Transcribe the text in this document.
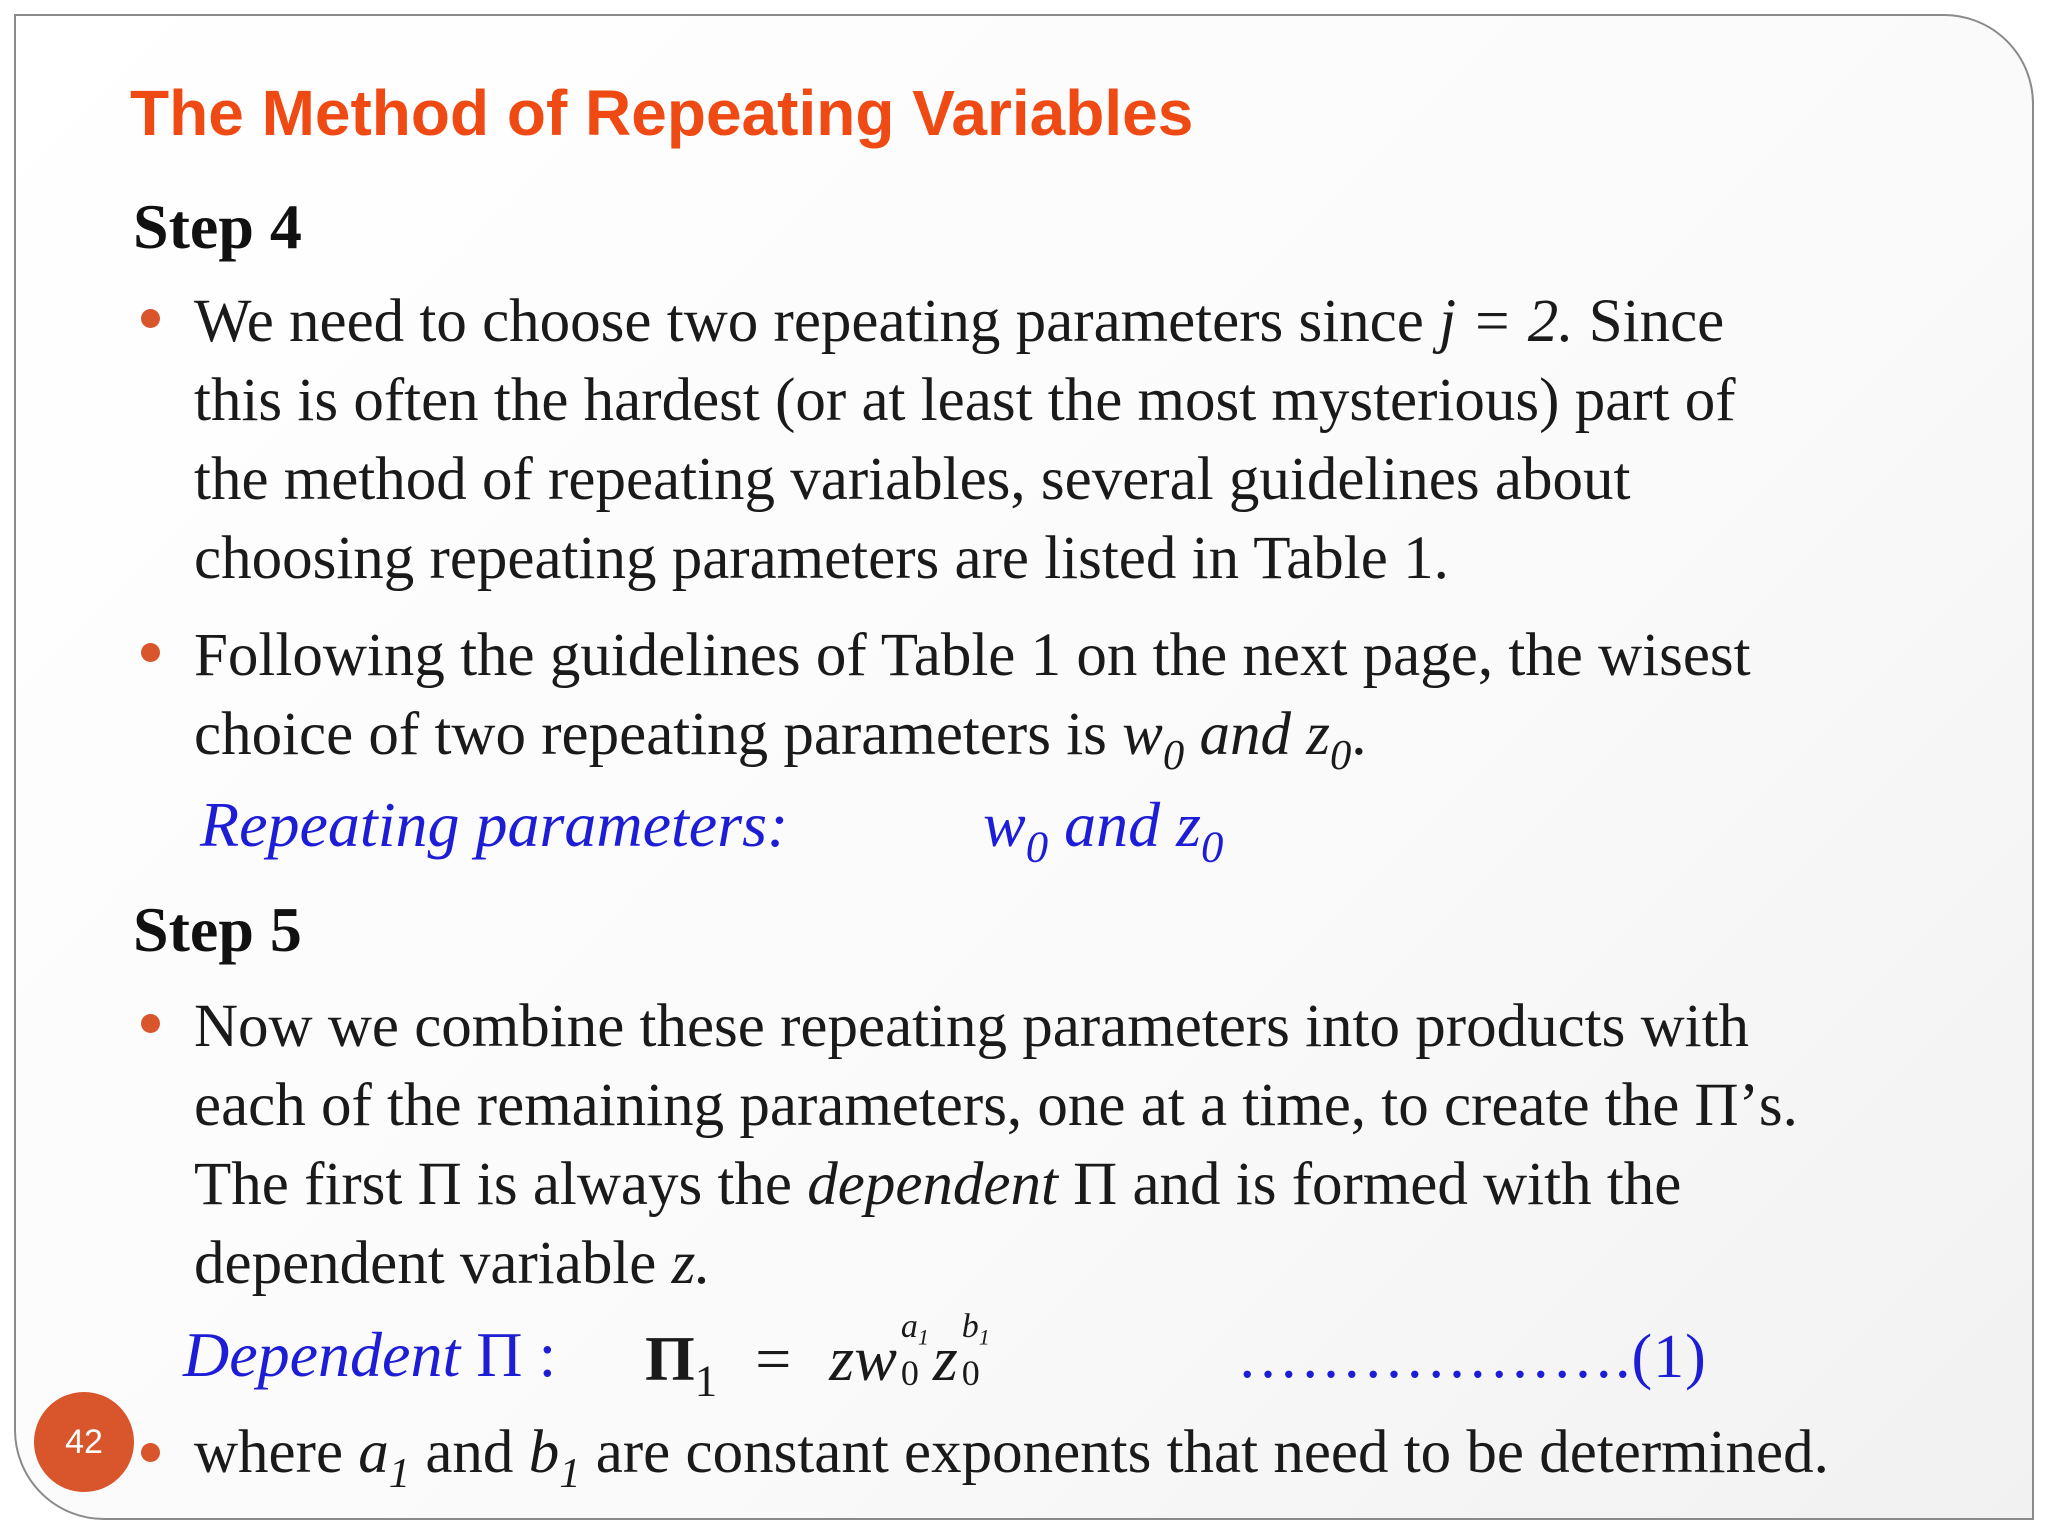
The Method of Repeating Variables
Step 4
We need to choose two repeating parameters since j = 2. Since
this is often the hardest (or at least the most mysterious) part of
the method of repeating variables, several guidelines about
choosing repeating parameters are listed in Table 1.
Following the guidelines of Table 1 on the next page, the wisest
choice of two repeating parameters is $w_0$ and $z_0$.
Repeating parameters:	$w_0$ and $z_0$
Step 5
Now we combine these repeating parameters into products with
each of the remaining parameters, one at a time, to create the Π’s.
The first Π is always the dependent Π and is formed with the
dependent variable z.
Dependent Π : $\Pi_1$ = zw $a_1$
0 z $b_1$
0	……………….(1)
where $a_1$ and $b_1$ are constant exponents that need to be determined.
42
